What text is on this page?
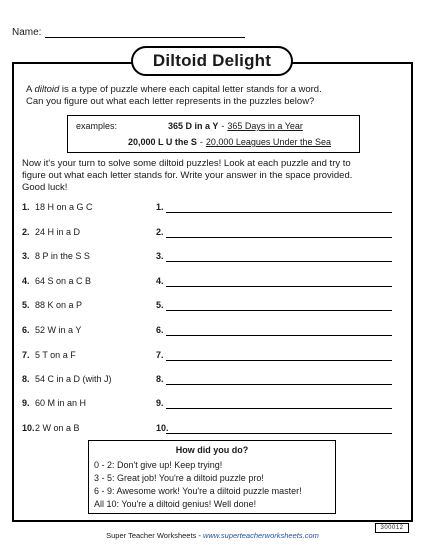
Name:
Diltoid Delight
A diltoid is a type of puzzle where each capital letter stands for a word.
Can you figure out what each letter represents in the puzzles below?
examples:	365 D in a Y - 365 Days in a Year
20,000 L U the S - 20,000 Leagues Under the Sea
Now it's your turn to solve some diltoid puzzles! Look at each puzzle and try to
figure out what each letter stands for. Write your answer in the space provided.
Good luck!
1. 18 H on a G C	1.
2. 24 H in a D	2.
3. 8 P in the S S	3.
4. 64 S on a C B	4.
5. 88 K on a P	5.
6. 52 W in a Y	6.
7. 5 T on a F	7.
8. 54 C in a D (with J)	8.
9. 60 M in an H	9.
10. 2 W on a B	10.
How did you do?
0 - 2: Don't give up! Keep trying!
3 - 5: Great job! You're a diltoid puzzle pro!
6 - 9: Awesome work! You're a diltoid puzzle master!
All 10: You're a diltoid genius! Well done!
Super Teacher Worksheets - www.superteacherworksheets.com
300012
